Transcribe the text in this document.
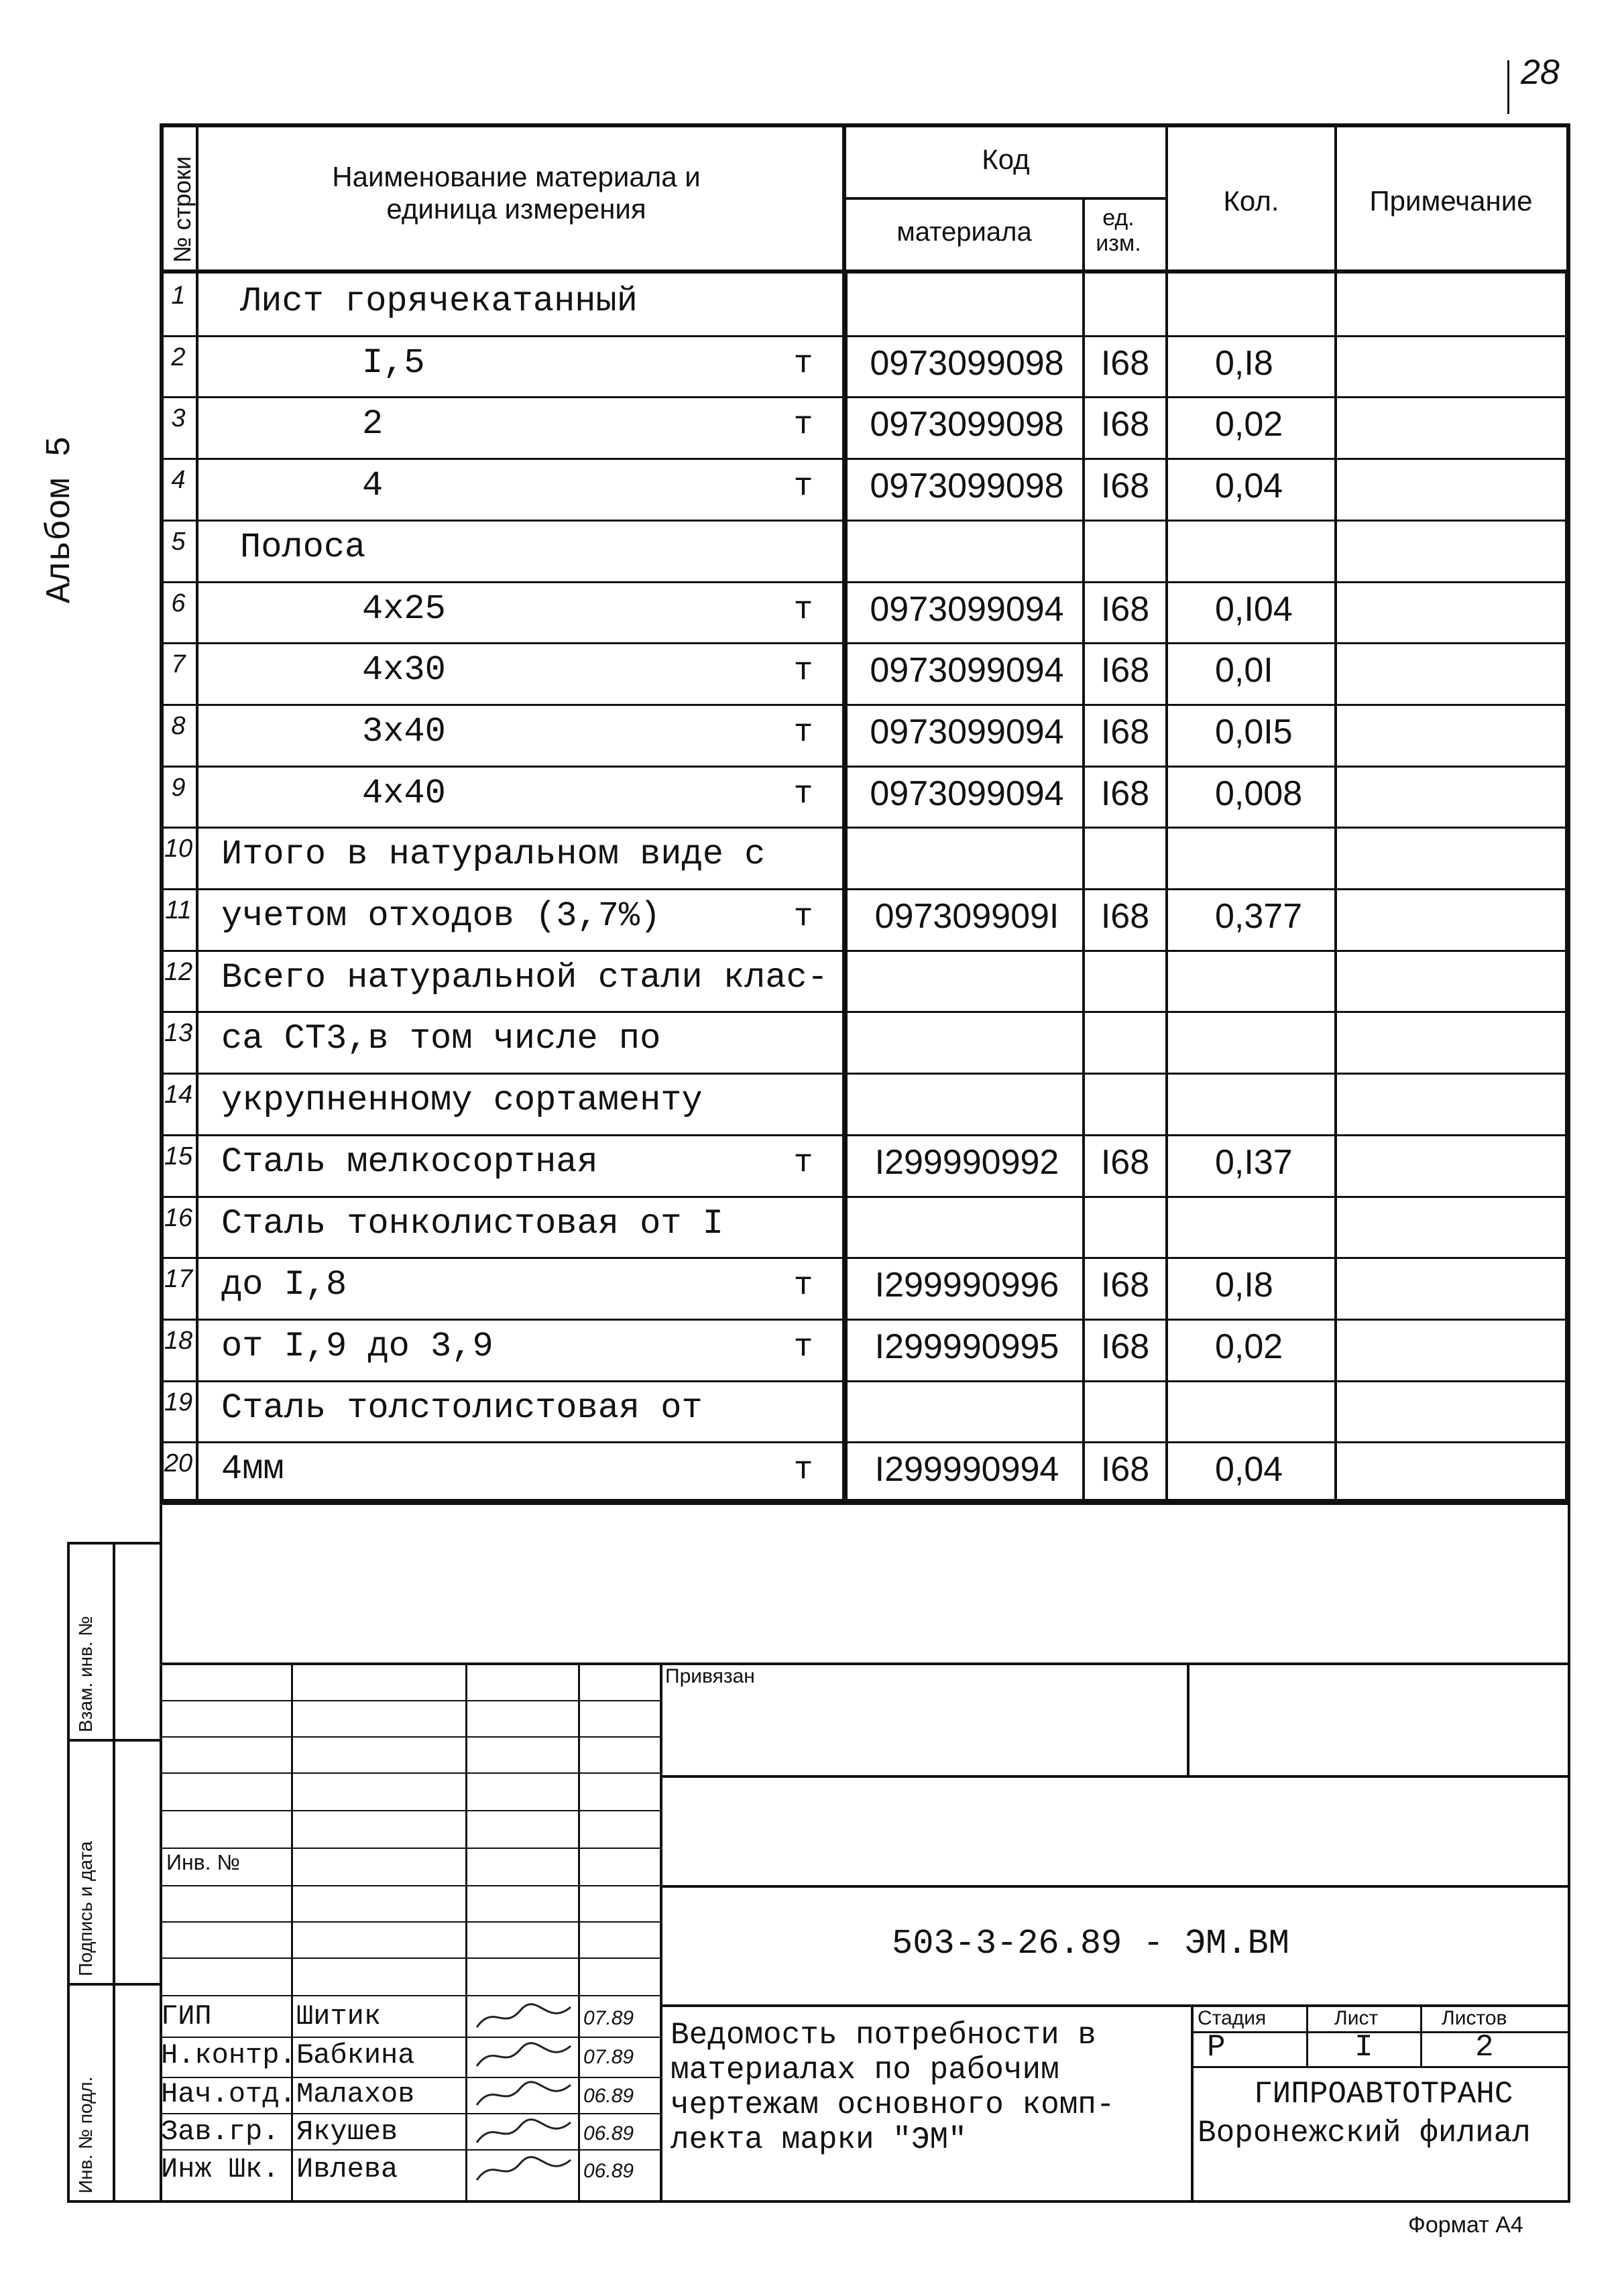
28
Альбом 5
№ строки	Наименование материала и единица измерения
Код
материала	ед. изм.
Кол.	Примечание
1	Лист горячекатанный
2	I,5	т	0973099098	I68	0,I8
3	2	т	0973099098	I68	0,02
4	4	т	0973099098	I68	0,04
5	Полоса
6	4x25	т	0973099094	I68	0,I04
7	4x30	т	0973099094	I68	0,0I
8	3x40	т	0973099094	I68	0,0I5
9	4x40	т	0973099094	I68	0,008
10 Итого в натуральном виде с
11 учетом отходов (3,7%)	т	097309909I	I68	0,377
12 Всего натуральной стали клас-
13 са СТ3,в том числе по
14 укрупненному сортаменту
15 Сталь мелкосортная	т	I299990992	I68	0,I37
16 Сталь тонколистовая от I
17 до I,8	т	I299990996	I68	0,I8
18 от I,9 до 3,9	т	I299990995	I68	0,02
19 Сталь толстолистовая от
20 4мм	т	I299990994	I68	0,04
Взам. инв. №
Подпись и дата
Инв. № подл.
Привязан
Инв. №
503-3-26.89 - ЭМ.ВМ
Ведомость потребности в
материалах по рабочим
чертежам основного комп-
лекта марки "ЭМ"
Стадия	Лист	Листов
Р	I	2
ГИПРОАВТОТРАНС
Воронежский филиал
ГИП	Шитик	07.89
Н.контр. Бабкина	07.89
Нач.отд. Малахов	06.89
Зав.гр. Якушев	06.89
Инж Шк. Ивлева	06.89
Формат А4
